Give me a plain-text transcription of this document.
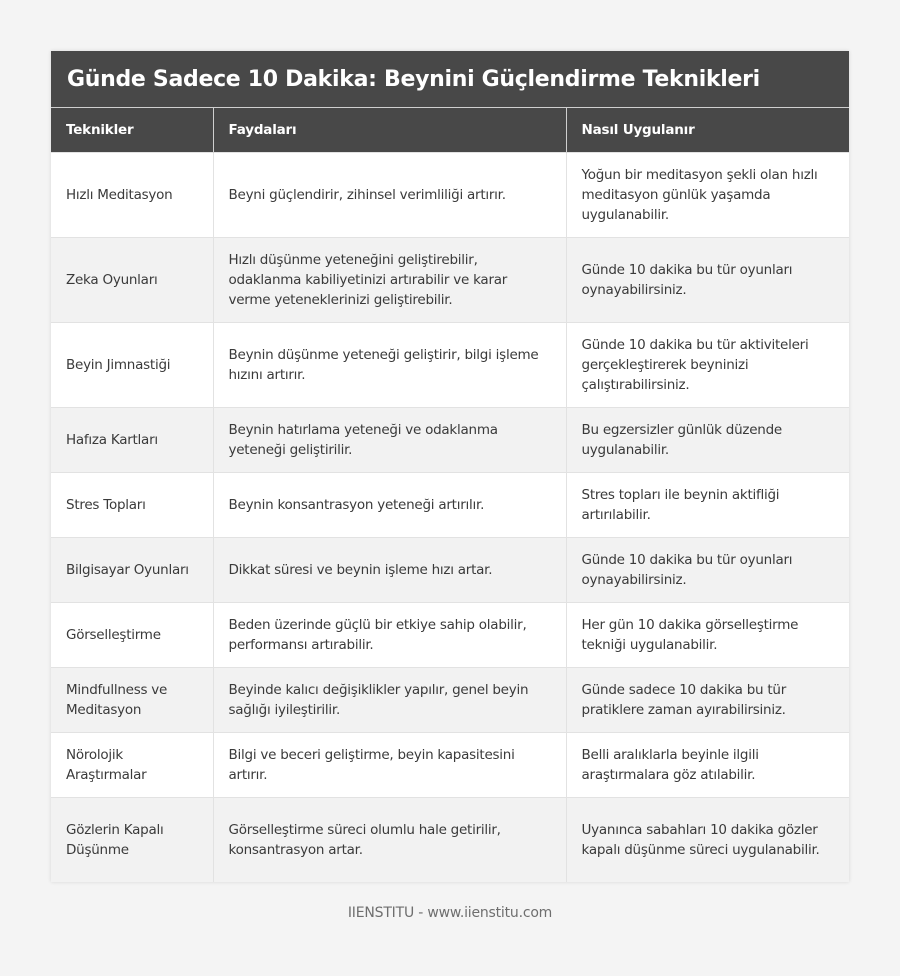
Günde Sadece 10 Dakika: Beynini Güçlendirme Teknikleri
Teknikler	Faydaları	Nasıl Uygulanır
Hızlı Meditasyon	Beyni güçlendirir, zihinsel verimliliği artırır.	Yoğun bir meditasyon şekli olan hızlı meditasyon günlük yaşamda uygulanabilir.
Zeka Oyunları	Hızlı düşünme yeteneğini geliştirebilir, odaklanma kabiliyetinizi artırabilir ve karar verme yeteneklerinizi geliştirebilir.	Günde 10 dakika bu tür oyunları oynayabilirsiniz.
Beyin Jimnastiği	Beynin düşünme yeteneği geliştirir, bilgi işleme hızını artırır.	Günde 10 dakika bu tür aktiviteleri gerçekleştirerek beyninizi çalıştırabilirsiniz.
Hafıza Kartları	Beynin hatırlama yeteneği ve odaklanma yeteneği geliştirilir.	Bu egzersizler günlük düzende uygulanabilir.
Stres Topları	Beynin konsantrasyon yeteneği artırılır.	Stres topları ile beynin aktifliği artırılabilir.
Bilgisayar Oyunları	Dikkat süresi ve beynin işleme hızı artar.	Günde 10 dakika bu tür oyunları oynayabilirsiniz.
Görselleştirme	Beden üzerinde güçlü bir etkiye sahip olabilir, performansı artırabilir.	Her gün 10 dakika görselleştirme tekniği uygulanabilir.
Mindfullness ve Meditasyon	Beyinde kalıcı değişiklikler yapılır, genel beyin sağlığı iyileştirilir.	Günde sadece 10 dakika bu tür pratiklere zaman ayırabilirsiniz.
Nörolojik Araştırmalar	Bilgi ve beceri geliştirme, beyin kapasitesini artırır.	Belli aralıklarla beyinle ilgili araştırmalara göz atılabilir.
Gözlerin Kapalı Düşünme	Görselleştirme süreci olumlu hale getirilir, konsantrasyon artar.	Uyanınca sabahları 10 dakika gözler kapalı düşünme süreci uygulanabilir.
IIENSTITU - www.iienstitu.com
